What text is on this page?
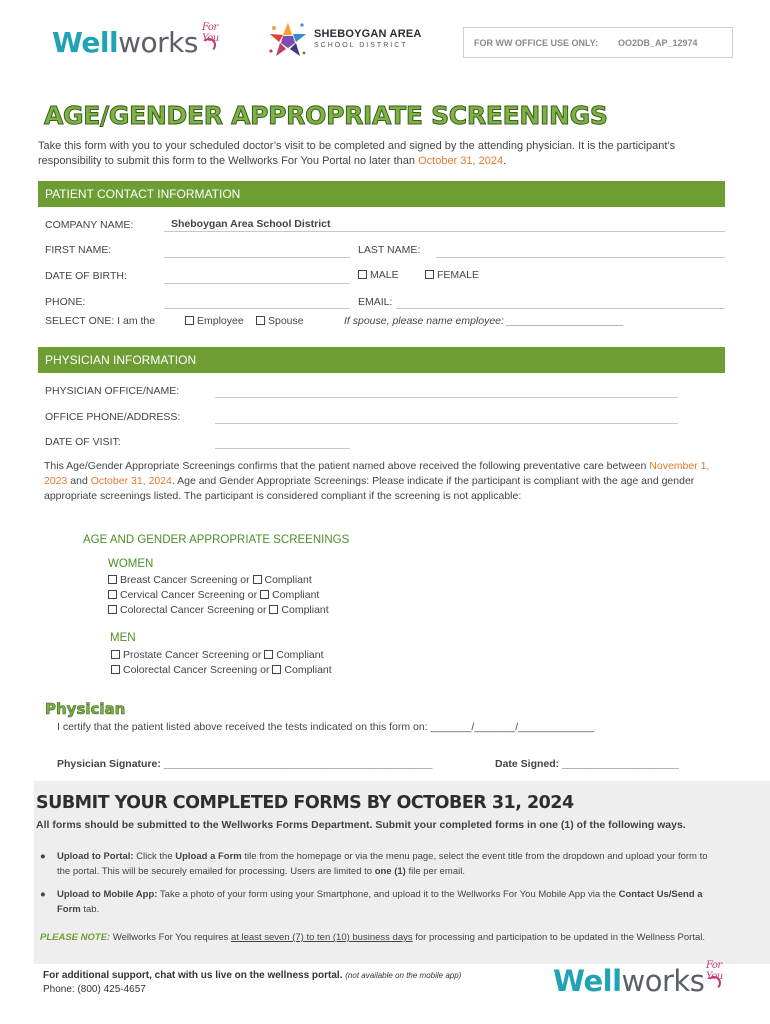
Wellworks For You	SHEBOYGAN AREA
SCHOOL DISTRICT	FOR WW OFFICE USE ONLY: OO2DB_AP_12974
AGE/GENDER APPROPRIATE SCREENINGS
Take this form with you to your scheduled doctor’s visit to be completed and signed by the attending physician. It is the participant’s responsibility to submit this form to the Wellworks For You Portal no later than October 31, 2024.
PATIENT CONTACT INFORMATION
COMPANY NAME:	Sheboygan Area School District
FIRST NAME:	LAST NAME:
DATE OF BIRTH:	MALE	FEMALE
PHONE:	EMAIL:
SELECT ONE: I am the	Employee	Spouse	If spouse, please name employee: ____________________
PHYSICIAN INFORMATION
PHYSICIAN OFFICE/NAME:
OFFICE PHONE/ADDRESS:
DATE OF VISIT:
This Age/Gender Appropriate Screenings confirms that the patient named above received the following preventative care between November 1, 2023 and October 31, 2024. Age and Gender Appropriate Screenings: Please indicate if the participant is compliant with the age and gender appropriate screenings listed. The participant is considered compliant if the screening is not applicable:
AGE AND GENDER APPROPRIATE SCREENINGS
WOMEN
Breast Cancer Screening or Compliant
Cervical Cancer Screening or Compliant
Colorectal Cancer Screening or Compliant
MEN
Prostate Cancer Screening or Compliant
Colorectal Cancer Screening or Compliant
Physician
I certify that the patient listed above received the tests indicated on this form on: _______/_______/_____________
Physician Signature: ______________________________________________	Date Signed: ____________________
SUBMIT YOUR COMPLETED FORMS BY OCTOBER 31, 2024
All forms should be submitted to the Wellworks Forms Department. Submit your completed forms in one (1) of the following ways.
● Upload to Portal: Click the Upload a Form tile from the homepage or via the menu page, select the event title from the dropdown and upload your form to the portal. This will be securely emailed for processing. Users are limited to one (1) file per email.
● Upload to Mobile App: Take a photo of your form using your Smartphone, and upload it to the Wellworks For You Mobile App via the Contact Us/Send a Form tab.
PLEASE NOTE: Wellworks For You requires at least seven (7) to ten (10) business days for processing and participation to be updated in the Wellness Portal.
For additional support, chat with us live on the wellness portal. (not available on the mobile app)
Phone: (800) 425-4657	Wellworks For You
